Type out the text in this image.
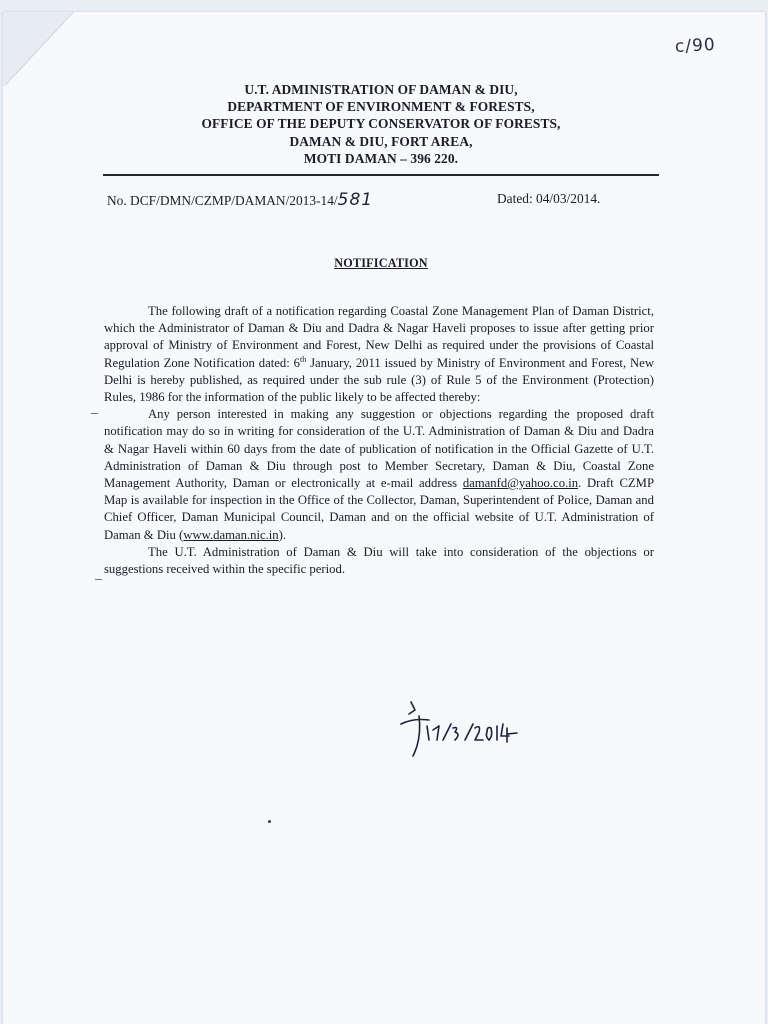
c/90
U.T. ADMINISTRATION OF DAMAN & DIU,
DEPARTMENT OF ENVIRONMENT & FORESTS,
OFFICE OF THE DEPUTY CONSERVATOR OF FORESTS,
DAMAN & DIU, FORT AREA,
MOTI DAMAN – 396 220.
No. DCF/DMN/CZMP/DAMAN/2013-14/581	Dated: 04/03/2014.
NOTIFICATION

The following draft of a notification regarding Coastal Zone Management Plan of Daman District, which the Administrator of Daman & Diu and Dadra & Nagar Haveli proposes to issue after getting prior approval of Ministry of Environment and Forest, New Delhi as required under the provisions of Coastal Regulation Zone Notification dated: 6th January, 2011 issued by Ministry of Environment and Forest, New Delhi is hereby published, as required under the sub rule (3) of Rule 5 of the Environment (Protection) Rules, 1986 for the information of the public likely to be affected thereby:

Any person interested in making any suggestion or objections regarding the proposed draft notification may do so in writing for consideration of the U.T. Administration of Daman & Diu and Dadra & Nagar Haveli within 60 days from the date of publication of notification in the Official Gazette of U.T. Administration of Daman & Diu through post to Member Secretary, Daman & Diu, Coastal Zone Management Authority, Daman or electronically at e-mail address damanfd@yahoo.co.in. Draft CZMP Map is available for inspection in the Office of the Collector, Daman, Superintendent of Police, Daman and Chief Officer, Daman Municipal Council, Daman and on the official website of U.T. Administration of Daman & Diu (www.daman.nic.in).

The U.T. Administration of Daman & Diu will take into consideration of the objections or suggestions received within the specific period.
